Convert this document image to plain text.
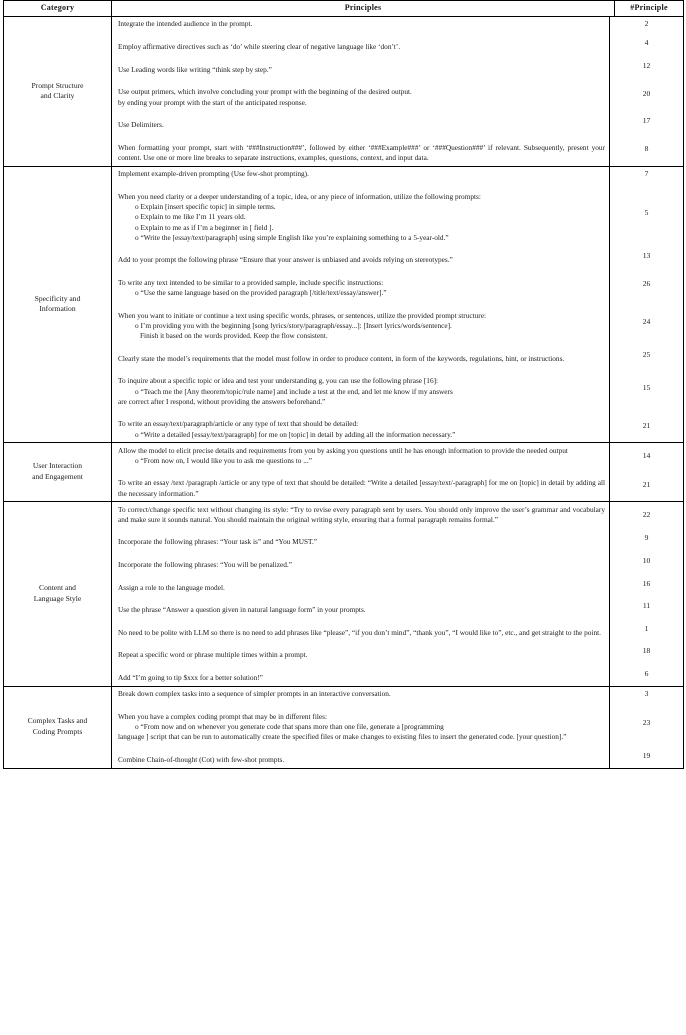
Category	Principles	#Principle

Prompt Structure
and Clarity

Integrate the intended audience in the prompt.	2

Employ affirmative directives such as ‘do’ while steering clear of negative language like ‘don’t’.	4

Use Leading words like writing “think step by step.”	12

Use output primers, which involve concluding your prompt with the beginning of the desired output.
by ending your prompt with the start of the anticipated response.
	20

Use Delimiters.	17

When formatting your prompt, start with ‘###Instruction###’, followed by either ‘###Example###’ or ‘###Question###’ if relevant. Subsequently, present your content. Use one or more line breaks to separate instructions, examples, questions, context, and input data.
	8

Specificity and
Information

Implement example-driven prompting (Use few-shot prompting).	7

When you need clarity or a deeper understanding of a topic, idea, or any piece of information, utilize the following prompts:
o Explain [insert specific topic] in simple terms.
o Explain to me like I’m 11 years old.
o Explain to me as if I’m a beginner in [ field ].
o “Write the [essay/text/paragraph] using simple English like you’re explaining something to a 5-year-old.”
	5

Add to your prompt the following phrase “Ensure that your answer is unbiased and avoids relying on stereotypes.”	13

To write any text intended to be similar to a provided sample, include specific instructions:
o “Use the same language based on the provided paragraph [/title/text/essay/answer].”
	26

When you want to initiate or continue a text using specific words, phrases, or sentences, utilize the provided prompt structure:
o I’m providing you with the beginning [song lyrics/story/paragraph/essay...]: [Insert lyrics/words/sentence].
Finish it based on the words provided. Keep the flow consistent.
	24

Clearly state the model’s requirements that the model must follow in order to produce content, in form of the keywords, regulations, hint, or instructions.	25

To inquire about a specific topic or idea and test your understanding g, you can use the following phrase [16]:
o “Teach me the [Any theorem/topic/rule name] and include a test at the end, and let me know if my answers
are correct after I respond, without providing the answers beforehand.”
	15

To write an essay/text/paragraph/article or any type of text that should be detailed:
o “Write a detailed [essay/text/paragraph] for me on [topic] in detail by adding all the information necessary.”
	21

User Interaction
and Engagement

Allow the model to elicit precise details and requirements from you by asking you questions until he has enough information to provide the needed output
o “From now on, I would like you to ask me questions to ...”
	14

To write an essay /text /paragraph /article or any type of text that should be detailed: “Write a detailed [essay/text/-paragraph] for me on [topic] in detail by adding all the necessary information.”
	21

Content and
Language Style

To correct/change specific text without changing its style: “Try to revise every paragraph sent by users. You should only improve the user’s grammar and vocabulary and make sure it sounds natural. You should maintain the original writing style, ensuring that a formal paragraph remains formal.”
	22

Incorporate the following phrases: “Your task is” and “You MUST.”	9

Incorporate the following phrases: “You will be penalized.”	10

Assign a role to the language model.	16

Use the phrase “Answer a question given in natural language form” in your prompts.	11

No need to be polite with LLM so there is no need to add phrases like “please”, “if you don’t mind”, “thank you”, “I would like to”, etc., and get straight to the point.	1

Repeat a specific word or phrase multiple times within a prompt.	18

Add “I’m going to tip $xxx for a better solution!”	6

Complex Tasks and
Coding Prompts

Break down complex tasks into a sequence of simpler prompts in an interactive conversation.	3

When you have a complex coding prompt that may be in different files:
o “From now and on whenever you generate code that spans more than one file, generate a [programming
language ] script that can be run to automatically create the specified files or make changes to existing files to insert the generated code. [your question].”
	23

Combine Chain-of-thought (Cot) with few-shot prompts.	19
